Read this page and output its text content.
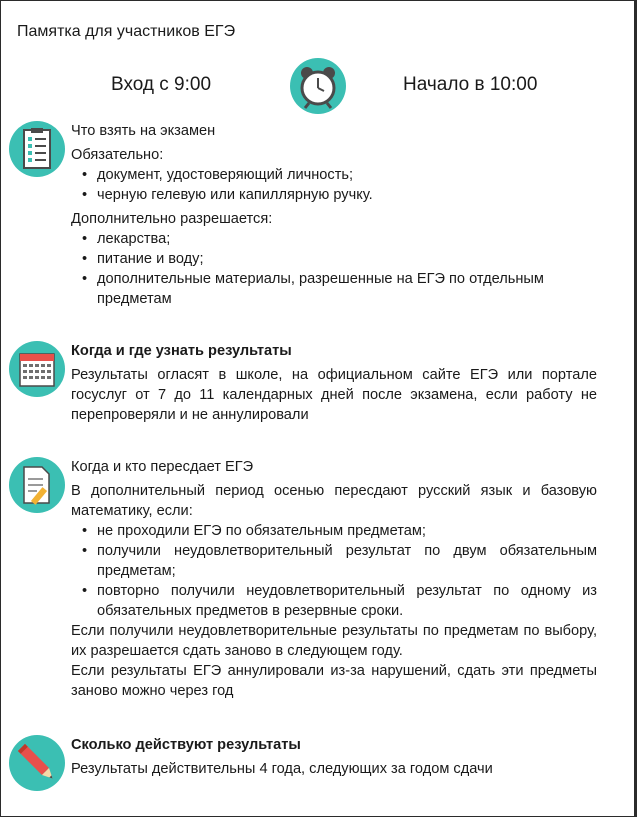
Памятка для участников ЕГЭ
Вход с 9:00	Начало в 10:00
Что взять на экзамен
Обязательно:
• документ, удостоверяющий личность;
• черную гелевую или капиллярную ручку.
Дополнительно разрешается:
• лекарства;
• питание и воду;
• дополнительные материалы, разрешенные на ЕГЭ по отдельным предметам
Когда и где узнать результаты
Результаты огласят в школе, на официальном сайте ЕГЭ или портале госуслуг от 7 до 11 календарных дней после экзамена, если работу не перепроверяли и не аннулировали
Когда и кто пересдает ЕГЭ
В дополнительный период осенью пересдают русский язык и базовую математику, если:
• не проходили ЕГЭ по обязательным предметам;
• получили неудовлетворительный результат по двум обязательным предметам;
• повторно получили неудовлетворительный результат по одному из обязательных предметов в резервные сроки.
Если получили неудовлетворительные результаты по предметам по выбору, их разрешается сдать заново в следующем году.
Если результаты ЕГЭ аннулировали из-за нарушений, сдать эти предметы заново можно через год
Сколько действуют результаты
Результаты действительны 4 года, следующих за годом сдачи
